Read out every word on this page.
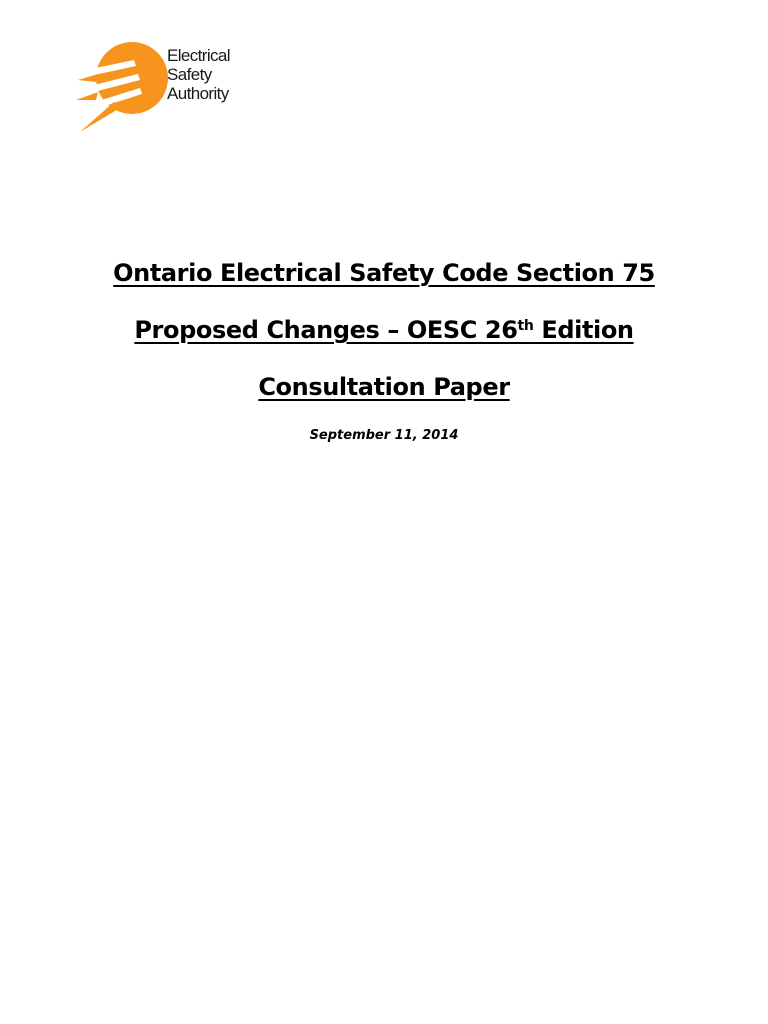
Electrical
Safety
Authority

Ontario Electrical Safety Code Section 75

Proposed Changes – OESC 26th Edition

Consultation Paper

September 11, 2014
